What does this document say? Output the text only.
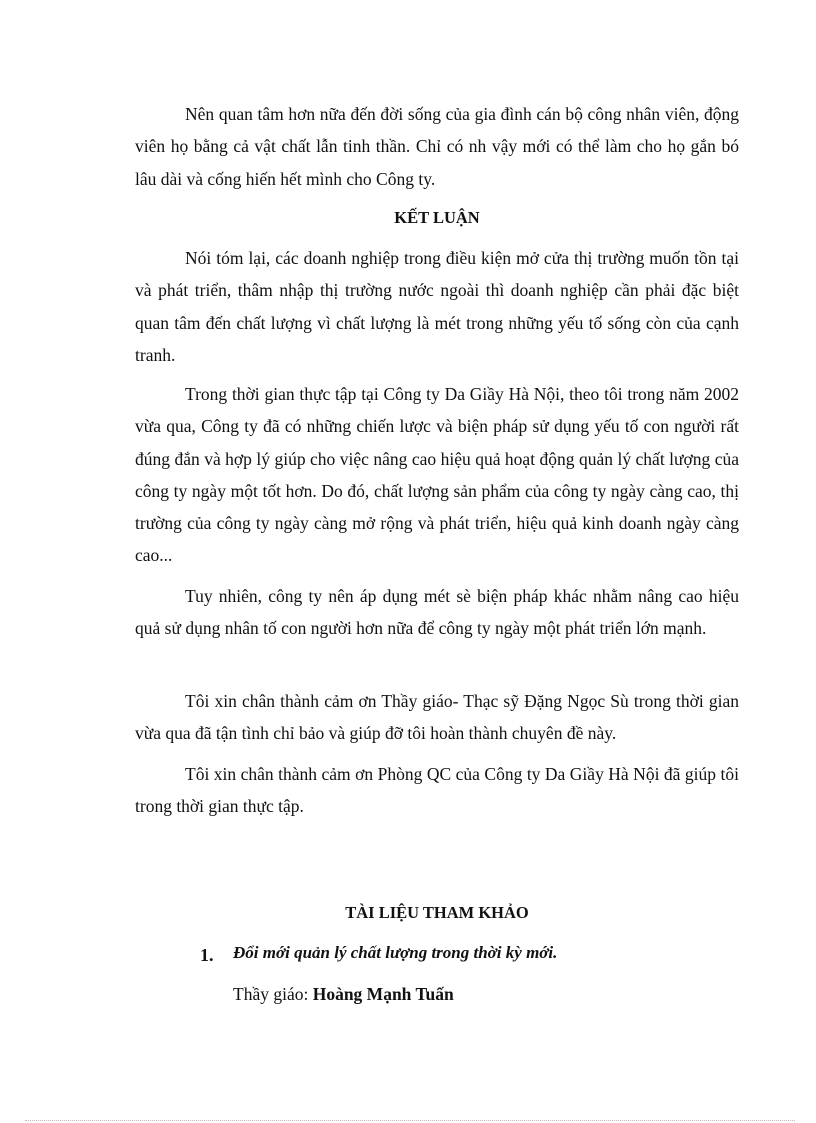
Nên quan tâm hơn nữa đến đời sống của gia đình cán bộ công nhân viên, động viên họ bằng cả vật chất lẫn tinh thần. Chỉ có nh vậy mới có thể làm cho họ gắn bó lâu dài và cống hiến hết mình cho Công ty.

KẾT LUẬN

Nói tóm lại, các doanh nghiệp trong điều kiện mở cửa thị trường muốn tồn tại và phát triển, thâm nhập thị trường nước ngoài thì doanh nghiệp cần phải đặc biệt quan tâm đến chất lượng vì chất lượng là mét trong những yếu tố sống còn của cạnh tranh.

Trong thời gian thực tập tại Công ty Da Giầy Hà Nội, theo tôi trong năm 2002 vừa qua, Công ty đã có những chiến lược và biện pháp sử dụng yếu tố con người rất đúng đắn và hợp lý giúp cho việc nâng cao hiệu quả hoạt động quản lý chất lượng của công ty ngày một tốt hơn. Do đó, chất lượng sản phẩm của công ty ngày càng cao, thị trường của công ty ngày càng mở rộng và phát triển, hiệu quả kinh doanh ngày càng cao...

Tuy nhiên, công ty nên áp dụng mét sè biện pháp khác nhằm nâng cao hiệu quả sử dụng nhân tố con người hơn nữa để công ty ngày một phát triển lớn mạnh.

Tôi xin chân thành cảm ơn Thầy giáo- Thạc sỹ Đặng Ngọc Sù trong thời gian vừa qua đã tận tình chỉ bảo và giúp đỡ tôi hoàn thành chuyên đề này.

Tôi xin chân thành cảm ơn Phòng QC của Công ty Da Giầy Hà Nội đã giúp tôi trong thời gian thực tập.

TÀI LIỆU THAM KHẢO
1. Đổi mới quản lý chất lượng trong thời kỳ mới.
Thầy giáo: Hoàng Mạnh Tuấn
